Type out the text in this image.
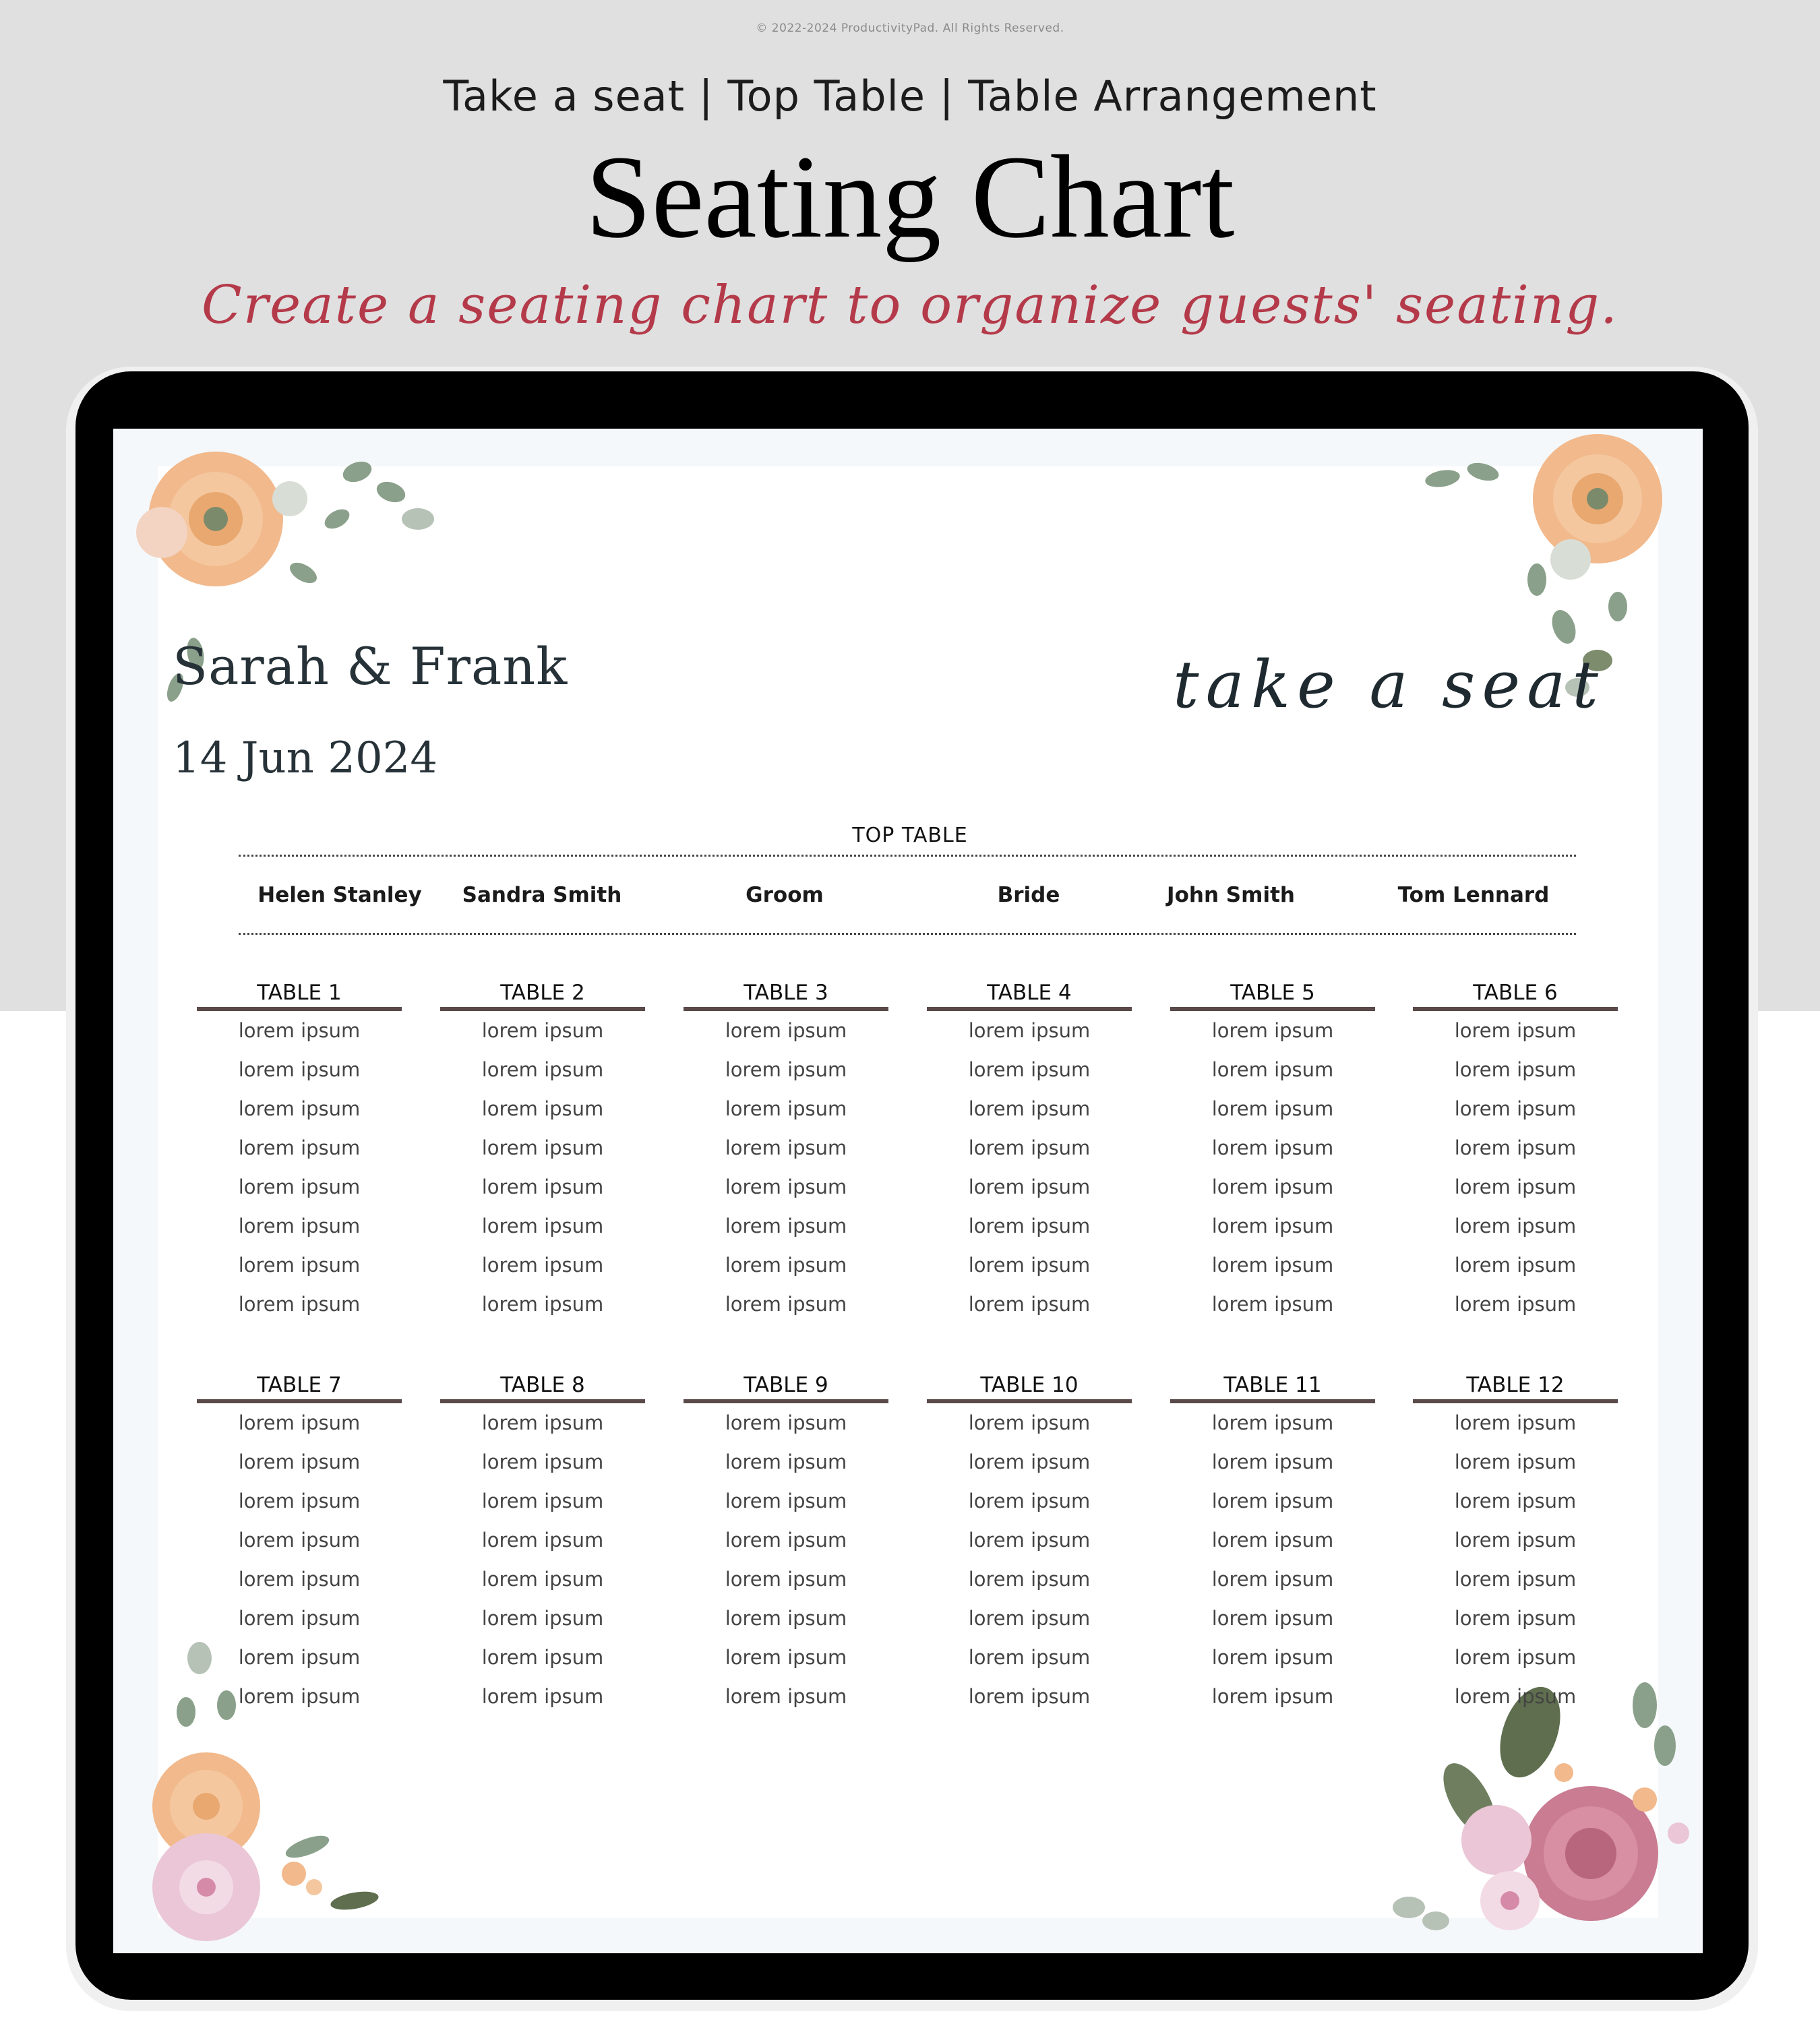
© 2022-2024 ProductivityPad. All Rights Reserved.
Take a seat | Top Table | Table Arrangement
Seating Chart
Create a seating chart to organize guests' seating.
Sarah & Frank
14 Jun 2024
take a seat
TOP TABLE
Helen Stanley	Sandra Smith	Groom	Bride	John Smith	Tom Lennard
TABLE 1
lorem ipsum
lorem ipsum
lorem ipsum
lorem ipsum
lorem ipsum
lorem ipsum
lorem ipsum
lorem ipsum
TABLE 2
lorem ipsum
lorem ipsum
lorem ipsum
lorem ipsum
lorem ipsum
lorem ipsum
lorem ipsum
lorem ipsum
TABLE 3
lorem ipsum
lorem ipsum
lorem ipsum
lorem ipsum
lorem ipsum
lorem ipsum
lorem ipsum
lorem ipsum
TABLE 4
lorem ipsum
lorem ipsum
lorem ipsum
lorem ipsum
lorem ipsum
lorem ipsum
lorem ipsum
lorem ipsum
TABLE 5
lorem ipsum
lorem ipsum
lorem ipsum
lorem ipsum
lorem ipsum
lorem ipsum
lorem ipsum
lorem ipsum
TABLE 6
lorem ipsum
lorem ipsum
lorem ipsum
lorem ipsum
lorem ipsum
lorem ipsum
lorem ipsum
lorem ipsum
TABLE 7
lorem ipsum
lorem ipsum
lorem ipsum
lorem ipsum
lorem ipsum
lorem ipsum
lorem ipsum
lorem ipsum
TABLE 8
lorem ipsum
lorem ipsum
lorem ipsum
lorem ipsum
lorem ipsum
lorem ipsum
lorem ipsum
lorem ipsum
TABLE 9
lorem ipsum
lorem ipsum
lorem ipsum
lorem ipsum
lorem ipsum
lorem ipsum
lorem ipsum
lorem ipsum
TABLE 10
lorem ipsum
lorem ipsum
lorem ipsum
lorem ipsum
lorem ipsum
lorem ipsum
lorem ipsum
lorem ipsum
TABLE 11
lorem ipsum
lorem ipsum
lorem ipsum
lorem ipsum
lorem ipsum
lorem ipsum
lorem ipsum
lorem ipsum
TABLE 12
lorem ipsum
lorem ipsum
lorem ipsum
lorem ipsum
lorem ipsum
lorem ipsum
lorem ipsum
lorem ipsum
